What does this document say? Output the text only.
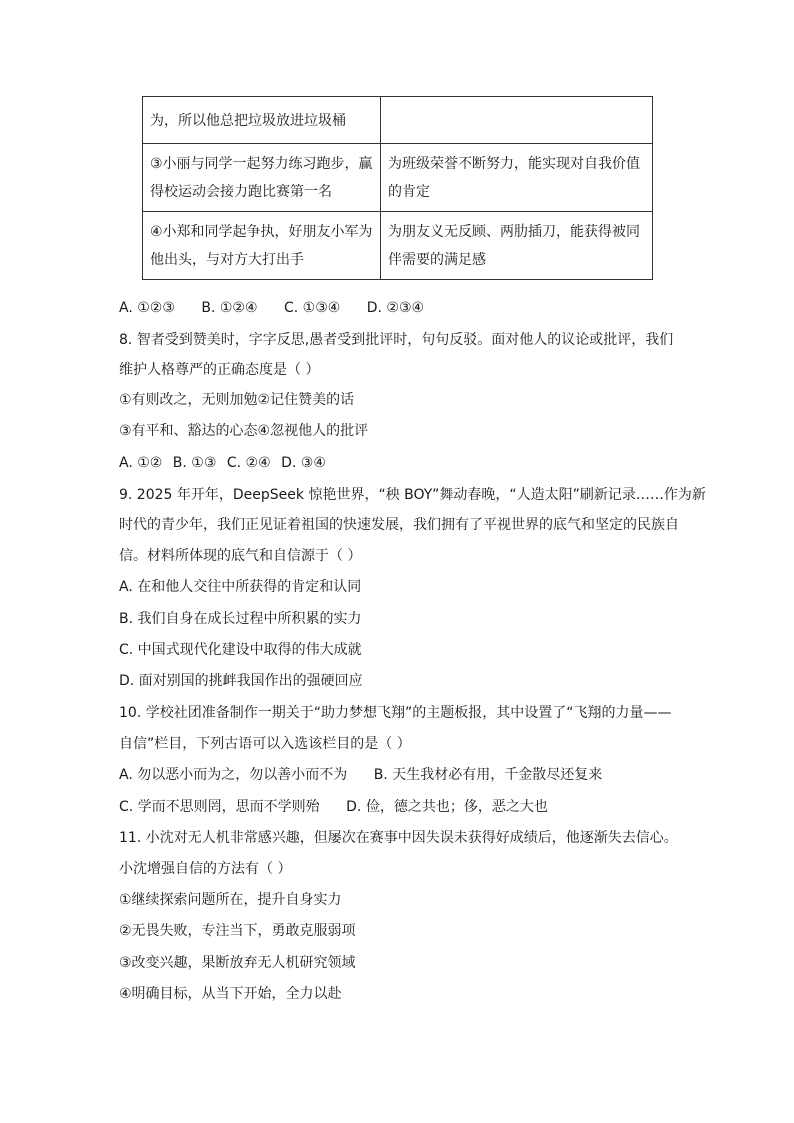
为，所以他总把垃圾放进垃圾桶	
③小丽与同学一起努力练习跑步，赢得校运动会接力跑比赛第一名	为班级荣誉不断努力，能实现对自我价值的肯定
④小郑和同学起争执，好朋友小军为他出头，与对方大打出手	为朋友义无反顾、两肋插刀，能获得被同伴需要的满足感
A. ①②③ B. ①②④ C. ①③④ D. ②③④
8. 智者受到赞美时，字字反思,愚者受到批评时，句句反驳。面对他人的议论或批评，我们
维护人格尊严的正确态度是（ ）
①有则改之，无则加勉②记住赞美的话
③有平和、豁达的心态④忽视他人的批评
A. ①② B. ①③ C. ②④ D. ③④
9. 2025 年开年，DeepSeek 惊艳世界，“秧 BOY”舞动春晚，“人造太阳”刷新记录……作为新
时代的青少年，我们正见证着祖国的快速发展，我们拥有了平视世界的底气和坚定的民族自
信。材料所体现的底气和自信源于（ ）
A. 在和他人交往中所获得的肯定和认同
B. 我们自身在成长过程中所积累的实力
C. 中国式现代化建设中取得的伟大成就
D. 面对别国的挑衅我国作出的强硬回应
10. 学校社团准备制作一期关于“助力梦想飞翔”的主题板报，其中设置了“飞翔的力量——
自信”栏目，下列古语可以入选该栏目的是（ ）
A. 勿以恶小而为之，勿以善小而不为 B. 天生我材必有用，千金散尽还复来
C. 学而不思则罔，思而不学则殆 D. 俭，德之共也；侈，恶之大也
11. 小沈对无人机非常感兴趣，但屡次在赛事中因失误未获得好成绩后，他逐渐失去信心。
小沈增强自信的方法有（ ）
①继续探索问题所在，提升自身实力
②无畏失败，专注当下，勇敢克服弱项
③改变兴趣，果断放弃无人机研究领域
④明确目标，从当下开始，全力以赴
